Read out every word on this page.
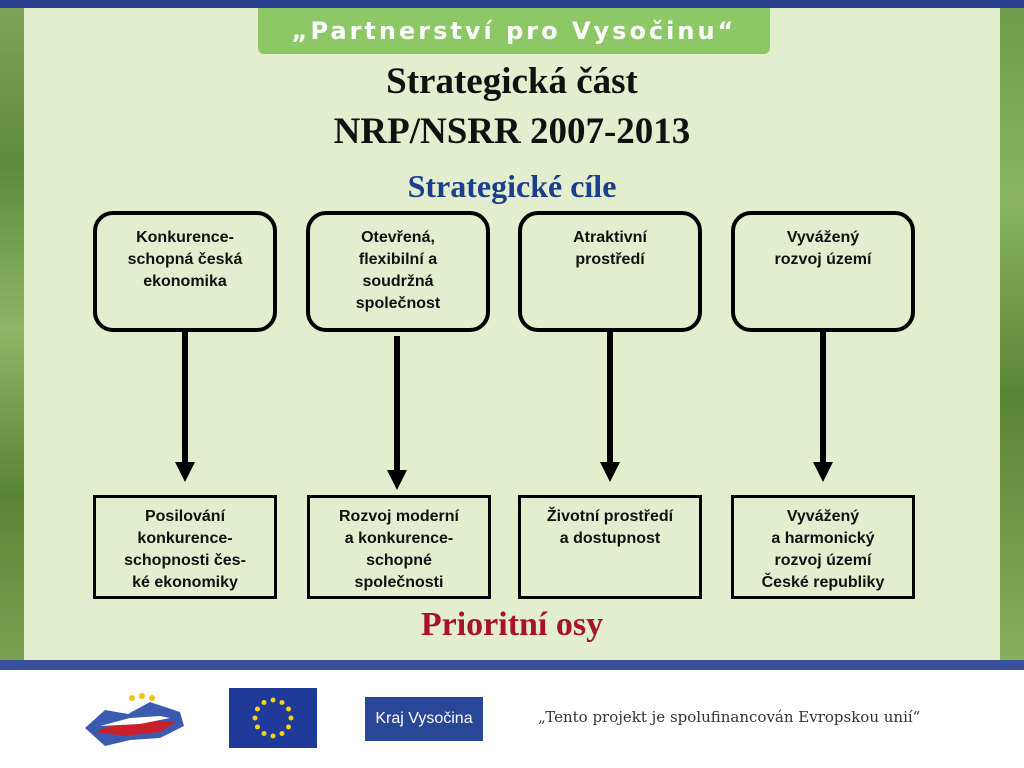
„Partnerství pro Vysočinu“
Strategická část
NRP/NSRR 2007-2013
Strategické cíle
Konkurence-
schopná česká
ekonomika
Otevřená,
flexibilní a
soudržná
společnost
Atraktivní
prostředí
Vyvážený
rozvoj území
Posilování
konkurence-
schopnosti čes-
ké ekonomiky
Rozvoj moderní
a konkurence-
schopné
společnosti
Životní prostředí
a dostupnost
Vyvážený
a harmonický
rozvoj území
České republiky
Prioritní osy
Kraj Vysočina	„Tento projekt je spolufinancován Evropskou unií“
